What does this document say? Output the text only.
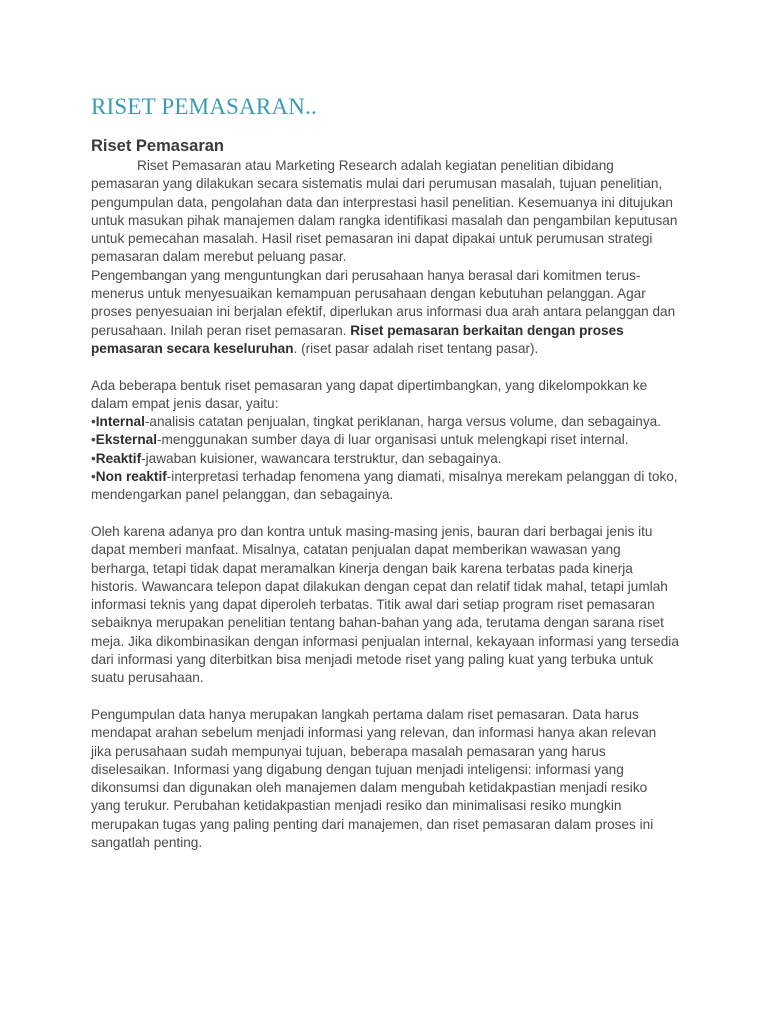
RISET PEMASARAN..
Riset Pemasaran

Riset Pemasaran atau Marketing Research adalah kegiatan penelitian dibidang pemasaran yang dilakukan secara sistematis mulai dari perumusan masalah, tujuan penelitian, pengumpulan data, pengolahan data dan interprestasi hasil penelitian. Kesemuanya ini ditujukan untuk masukan pihak manajemen dalam rangka identifikasi masalah dan pengambilan keputusan untuk pemecahan masalah. Hasil riset pemasaran ini dapat dipakai untuk perumusan strategi pemasaran dalam merebut peluang pasar.

Pengembangan yang menguntungkan dari perusahaan hanya berasal dari komitmen terus-menerus untuk menyesuaikan kemampuan perusahaan dengan kebutuhan pelanggan. Agar proses penyesuaian ini berjalan efektif, diperlukan arus informasi dua arah antara pelanggan dan perusahaan. Inilah peran riset pemasaran. Riset pemasaran berkaitan dengan proses pemasaran secara keseluruhan. (riset pasar adalah riset tentang pasar).

Ada beberapa bentuk riset pemasaran yang dapat dipertimbangkan, yang dikelompokkan ke dalam empat jenis dasar, yaitu:

•Internal-analisis catatan penjualan, tingkat periklanan, harga versus volume, dan sebagainya.

•Eksternal-menggunakan sumber daya di luar organisasi untuk melengkapi riset internal.

•Reaktif-jawaban kuisioner, wawancara terstruktur, dan sebagainya.

•Non reaktif-interpretasi terhadap fenomena yang diamati, misalnya merekam pelanggan di toko, mendengarkan panel pelanggan, dan sebagainya.

Oleh karena adanya pro dan kontra untuk masing-masing jenis, bauran dari berbagai jenis itu dapat memberi manfaat. Misalnya, catatan penjualan dapat memberikan wawasan yang berharga, tetapi tidak dapat meramalkan kinerja dengan baik karena terbatas pada kinerja historis. Wawancara telepon dapat dilakukan dengan cepat dan relatif tidak mahal, tetapi jumlah informasi teknis yang dapat diperoleh terbatas. Titik awal dari setiap program riset pemasaran sebaiknya merupakan penelitian tentang bahan-bahan yang ada, terutama dengan sarana riset meja. Jika dikombinasikan dengan informasi penjualan internal, kekayaan informasi yang tersedia dari informasi yang diterbitkan bisa menjadi metode riset yang paling kuat yang terbuka untuk suatu perusahaan.

Pengumpulan data hanya merupakan langkah pertama dalam riset pemasaran. Data harus mendapat arahan sebelum menjadi informasi yang relevan, dan informasi hanya akan relevan jika perusahaan sudah mempunyai tujuan, beberapa masalah pemasaran yang harus diselesaikan. Informasi yang digabung dengan tujuan menjadi inteligensi: informasi yang dikonsumsi dan digunakan oleh manajemen dalam mengubah ketidakpastian menjadi resiko yang terukur. Perubahan ketidakpastian menjadi resiko dan minimalisasi resiko mungkin merupakan tugas yang paling penting dari manajemen, dan riset pemasaran dalam proses ini sangatlah penting.
